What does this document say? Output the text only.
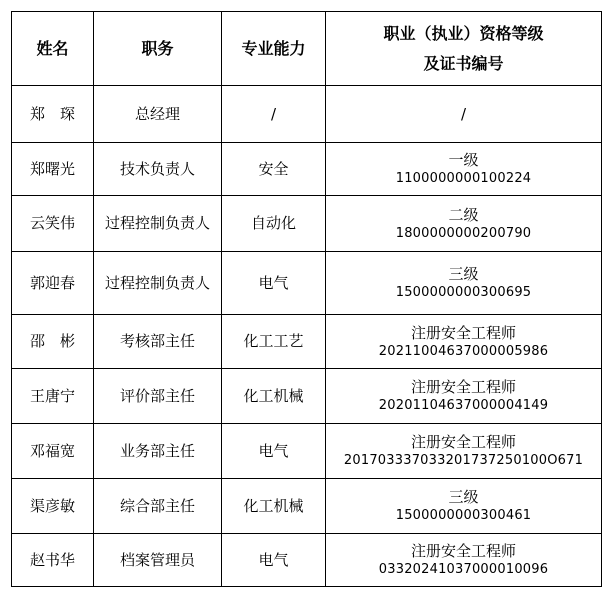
姓名	职务	专业能力	职业（执业）资格等级
及证书编号

郑　琛	总经理	/	/

郑曙光	技术负责人	安全	一级
1100000000100224

云笑伟	过程控制负责人	自动化	二级
1800000000200790

郭迎春	过程控制负责人	电气	三级
1500000000300695

邵　彬	考核部主任	化工工艺	注册安全工程师
20211004637000005986

王唐宁	评价部主任	化工机械	注册安全工程师
20201104637000004149

邓福宽	业务部主任	电气	注册安全工程师
201703337033201737250100O671

渠彦敏	综合部主任	化工机械	三级
1500000000300461

赵书华	档案管理员	电气	注册安全工程师
03320241037000010096
